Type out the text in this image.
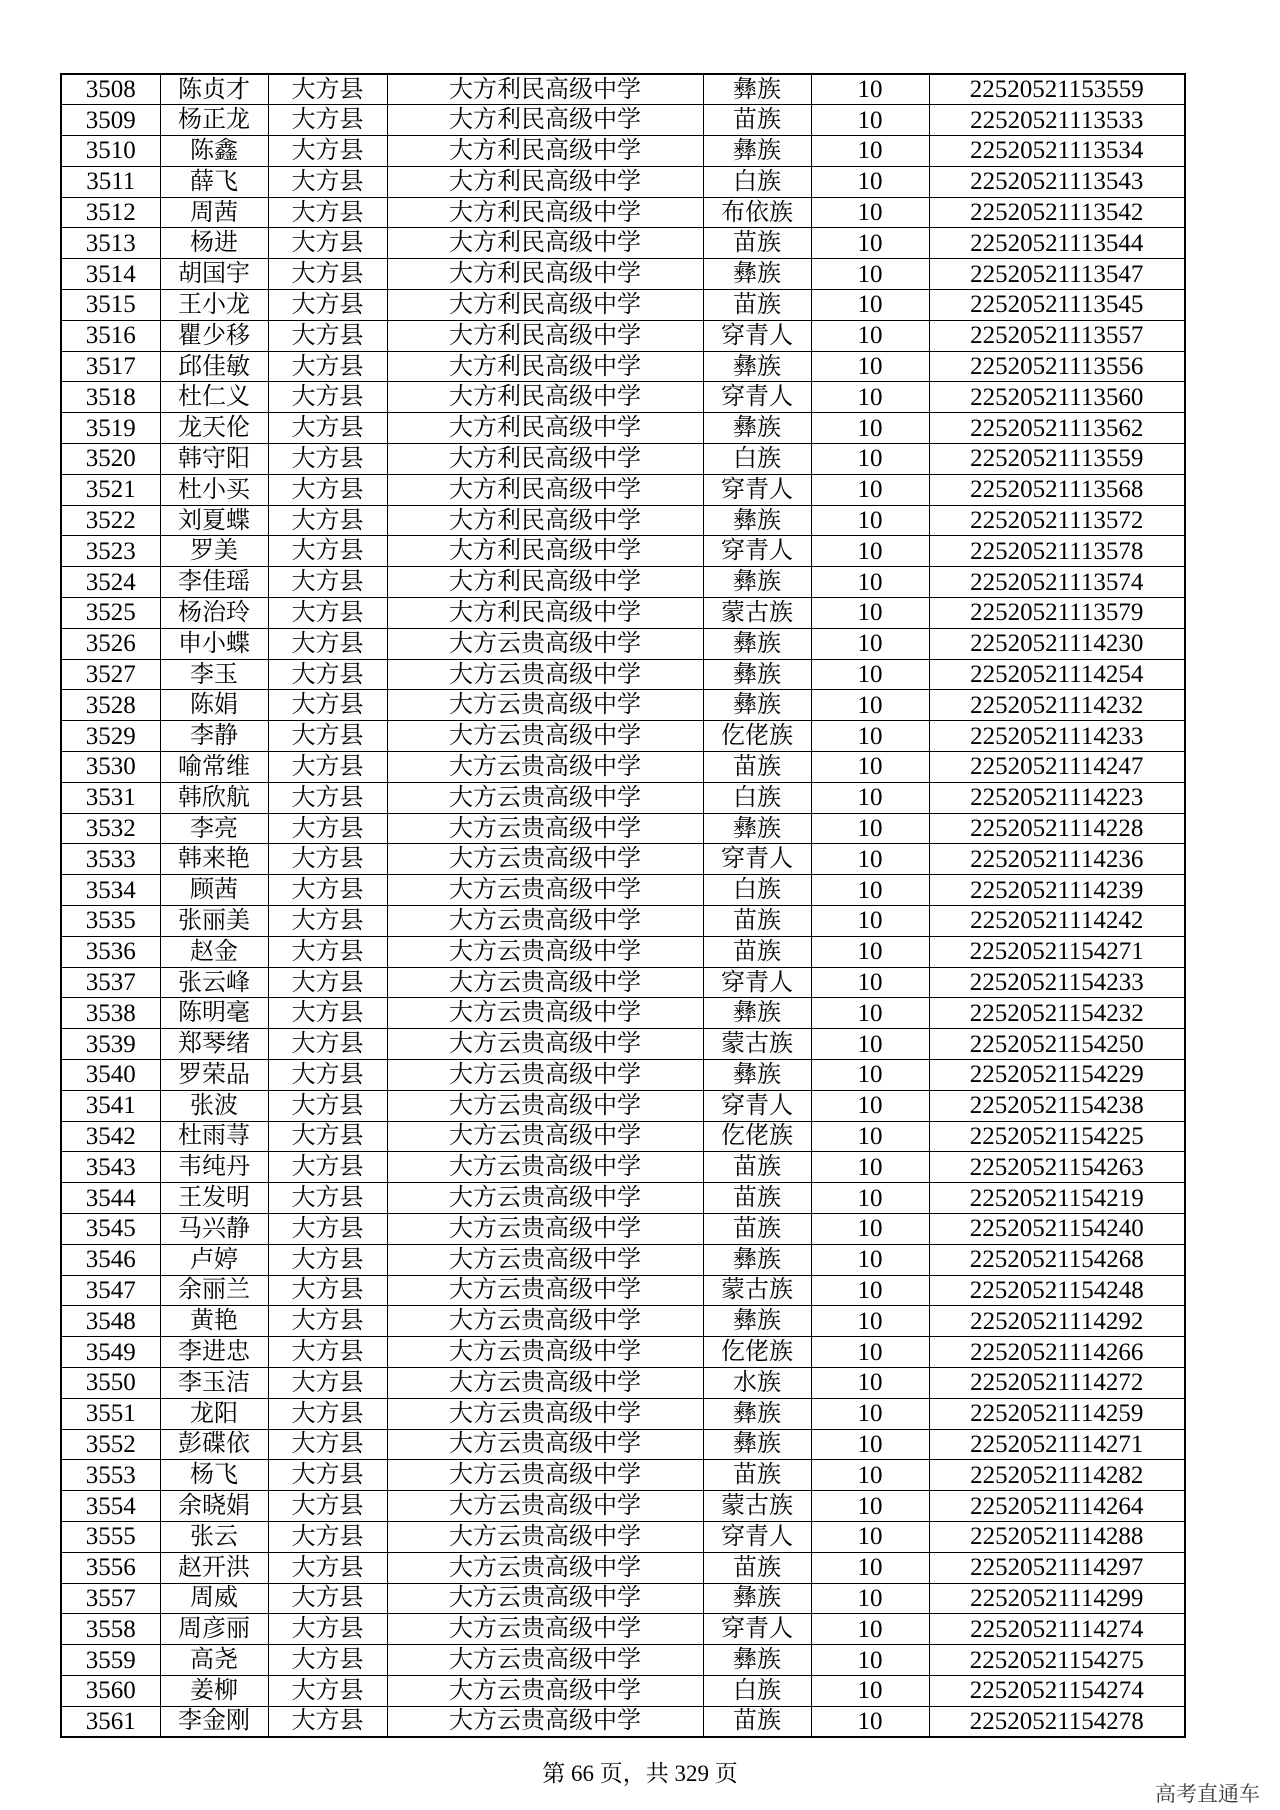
3508	陈贞才	大方县	大方利民高级中学	彝族	10	22520521153559
3509	杨正龙	大方县	大方利民高级中学	苗族	10	22520521113533
3510	陈鑫	大方县	大方利民高级中学	彝族	10	22520521113534
3511	薛飞	大方县	大方利民高级中学	白族	10	22520521113543
3512	周茜	大方县	大方利民高级中学	布依族	10	22520521113542
3513	杨进	大方县	大方利民高级中学	苗族	10	22520521113544
3514	胡国宇	大方县	大方利民高级中学	彝族	10	22520521113547
3515	王小龙	大方县	大方利民高级中学	苗族	10	22520521113545
3516	瞿少移	大方县	大方利民高级中学	穿青人	10	22520521113557
3517	邱佳敏	大方县	大方利民高级中学	彝族	10	22520521113556
3518	杜仁义	大方县	大方利民高级中学	穿青人	10	22520521113560
3519	龙天伦	大方县	大方利民高级中学	彝族	10	22520521113562
3520	韩守阳	大方县	大方利民高级中学	白族	10	22520521113559
3521	杜小买	大方县	大方利民高级中学	穿青人	10	22520521113568
3522	刘夏蝶	大方县	大方利民高级中学	彝族	10	22520521113572
3523	罗美	大方县	大方利民高级中学	穿青人	10	22520521113578
3524	李佳瑶	大方县	大方利民高级中学	彝族	10	22520521113574
3525	杨治玲	大方县	大方利民高级中学	蒙古族	10	22520521113579
3526	申小蝶	大方县	大方云贵高级中学	彝族	10	22520521114230
3527	李玉	大方县	大方云贵高级中学	彝族	10	22520521114254
3528	陈娟	大方县	大方云贵高级中学	彝族	10	22520521114232
3529	李静	大方县	大方云贵高级中学	仡佬族	10	22520521114233
3530	喻常维	大方县	大方云贵高级中学	苗族	10	22520521114247
3531	韩欣航	大方县	大方云贵高级中学	白族	10	22520521114223
3532	李亮	大方县	大方云贵高级中学	彝族	10	22520521114228
3533	韩来艳	大方县	大方云贵高级中学	穿青人	10	22520521114236
3534	顾茜	大方县	大方云贵高级中学	白族	10	22520521114239
3535	张丽美	大方县	大方云贵高级中学	苗族	10	22520521114242
3536	赵金	大方县	大方云贵高级中学	苗族	10	22520521154271
3537	张云峰	大方县	大方云贵高级中学	穿青人	10	22520521154233
3538	陈明毫	大方县	大方云贵高级中学	彝族	10	22520521154232
3539	郑琴绪	大方县	大方云贵高级中学	蒙古族	10	22520521154250
3540	罗荣品	大方县	大方云贵高级中学	彝族	10	22520521154229
3541	张波	大方县	大方云贵高级中学	穿青人	10	22520521154238
3542	杜雨荨	大方县	大方云贵高级中学	仡佬族	10	22520521154225
3543	韦纯丹	大方县	大方云贵高级中学	苗族	10	22520521154263
3544	王发明	大方县	大方云贵高级中学	苗族	10	22520521154219
3545	马兴静	大方县	大方云贵高级中学	苗族	10	22520521154240
3546	卢婷	大方县	大方云贵高级中学	彝族	10	22520521154268
3547	余丽兰	大方县	大方云贵高级中学	蒙古族	10	22520521154248
3548	黄艳	大方县	大方云贵高级中学	彝族	10	22520521114292
3549	李进忠	大方县	大方云贵高级中学	仡佬族	10	22520521114266
3550	李玉洁	大方县	大方云贵高级中学	水族	10	22520521114272
3551	龙阳	大方县	大方云贵高级中学	彝族	10	22520521114259
3552	彭碟依	大方县	大方云贵高级中学	彝族	10	22520521114271
3553	杨飞	大方县	大方云贵高级中学	苗族	10	22520521114282
3554	余晓娟	大方县	大方云贵高级中学	蒙古族	10	22520521114264
3555	张云	大方县	大方云贵高级中学	穿青人	10	22520521114288
3556	赵开洪	大方县	大方云贵高级中学	苗族	10	22520521114297
3557	周威	大方县	大方云贵高级中学	彝族	10	22520521114299
3558	周彦丽	大方县	大方云贵高级中学	穿青人	10	22520521114274
3559	高尧	大方县	大方云贵高级中学	彝族	10	22520521154275
3560	姜柳	大方县	大方云贵高级中学	白族	10	22520521154274
3561	李金刚	大方县	大方云贵高级中学	苗族	10	22520521154278
第 66 页，共 329 页
高考直通车
